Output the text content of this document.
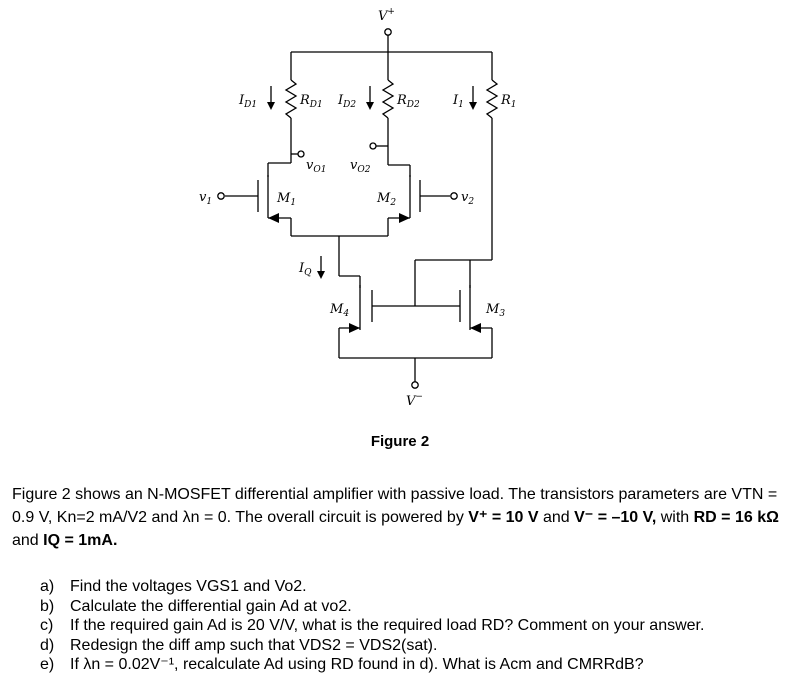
V+
V−
$I_{D1}$	$R_{D1}$ $I_{D2}$	$R_{D2}$	$I_1$	$R_1$
$v_{O1}$ $v_{O2}$
$v_1$	$v_2$
$M_1$	$M_2$
$M_3$
$M_4$
$I_Q$
Figure 2
Figure 2 shows an N-MOSFET differential amplifier with passive load. The transistors parameters are VTN = 0.9 V, Kn=2 mA/V2 and λn = 0. The overall circuit is powered by V⁺ = 10 V and V⁻ = –10 V, with RD = 16 kΩ and IQ = 1mA.
a) Find the voltages VGS1 and Vo2.
b) Calculate the differential gain Ad at vo2.
c)	If the required gain Ad is 20 V/V, what is the required load RD? Comment on your answer.
d) Redesign the diff amp such that VDS2 = VDS2(sat).
e) If λn = 0.02V⁻¹, recalculate Ad using RD found in d). What is Acm and CMRRdB?
